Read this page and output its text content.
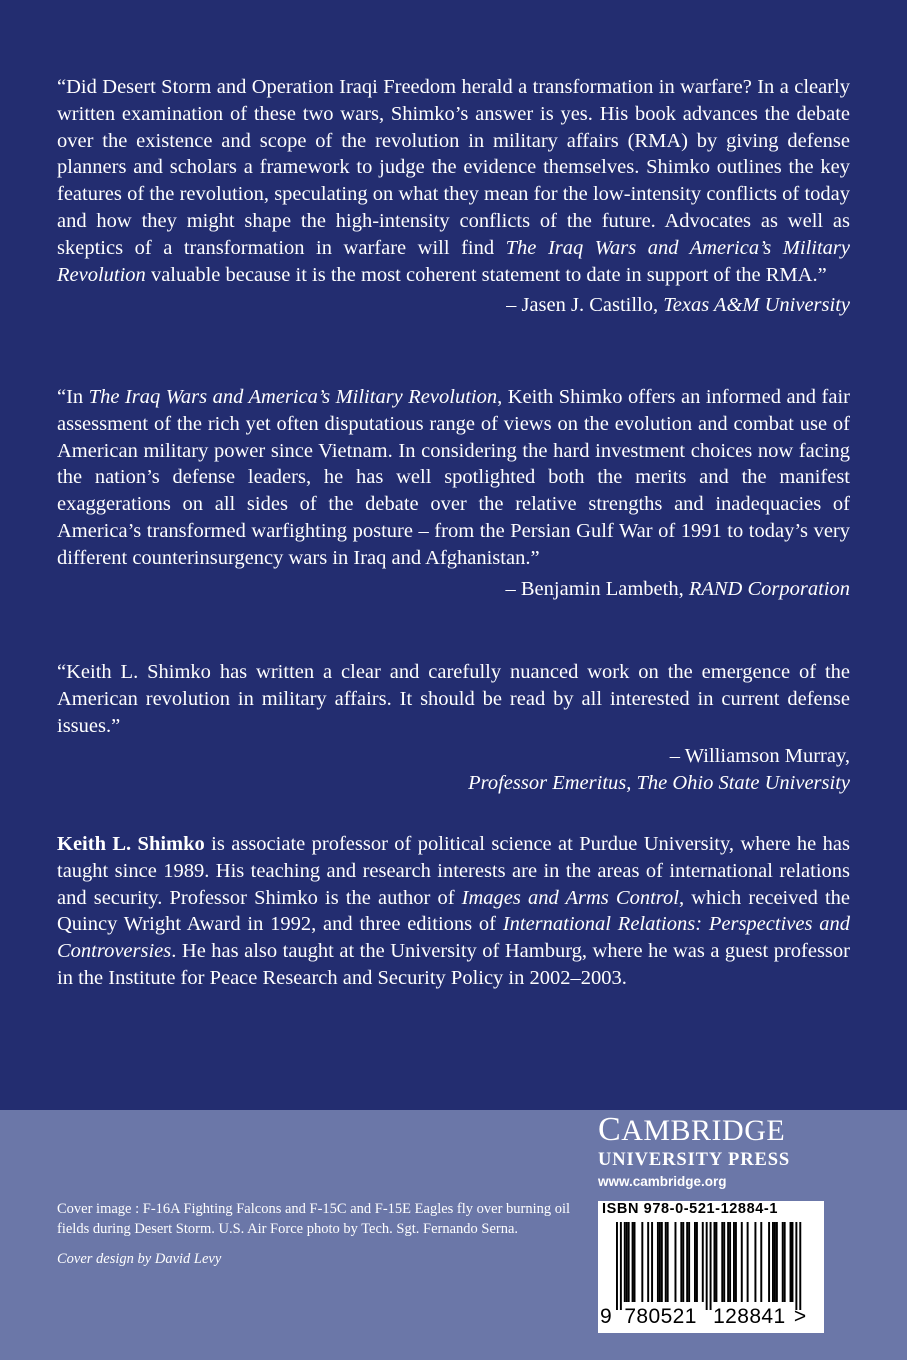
“Did Desert Storm and Operation Iraqi Freedom herald a transformation in warfare? In a clearly written examination of these two wars, Shimko’s answer is yes. His book advances the debate over the existence and scope of the revolution in military affairs (RMA) by giving defense planners and scholars a framework to judge the evidence themselves. Shimko outlines the key features of the revolution, speculating on what they mean for the low-intensity conflicts of today and how they might shape the high-intensity conflicts of the future. Advocates as well as skeptics of a transformation in warfare will find The Iraq Wars and America’s Military Revolution valuable because it is the most coherent statement to date in support of the RMA.”

– Jasen J. Castillo, Texas A&M University

“In The Iraq Wars and America’s Military Revolution, Keith Shimko offers an informed and fair assessment of the rich yet often disputatious range of views on the evolution and combat use of American military power since Vietnam. In considering the hard investment choices now facing the nation’s defense leaders, he has well spotlighted both the merits and the manifest exaggerations on all sides of the debate over the relative strengths and inadequacies of America’s transformed warfighting posture – from the Persian Gulf War of 1991 to today’s very different counterinsurgency wars in Iraq and Afghanistan.”

– Benjamin Lambeth, RAND Corporation

“Keith L. Shimko has written a clear and carefully nuanced work on the emergence of the American revolution in military affairs. It should be read by all interested in current defense issues.”

– Williamson Murray,

Professor Emeritus, The Ohio State University

Keith L. Shimko is associate professor of political science at Purdue University, where he has taught since 1989. His teaching and research interests are in the areas of international relations and security. Professor Shimko is the author of Images and Arms Control, which received the Quincy Wright Award in 1992, and three editions of International Relations: Perspectives and Controversies. He has also taught at the University of Hamburg, where he was a guest professor in the Institute for Peace Research and Security Policy in 2002–2003.

CAMBRIDGE
UNIVERSITY PRESS
www.cambridge.org

Cover image : F-16A Fighting Falcons and F-15C and F-15E Eagles fly over burning oil fields during Desert Storm. U.S. Air Force photo by Tech. Sgt. Fernando Serna.

Cover design by David Levy

ISBN 978-0-521-12884-1
9 780521 128841 >
